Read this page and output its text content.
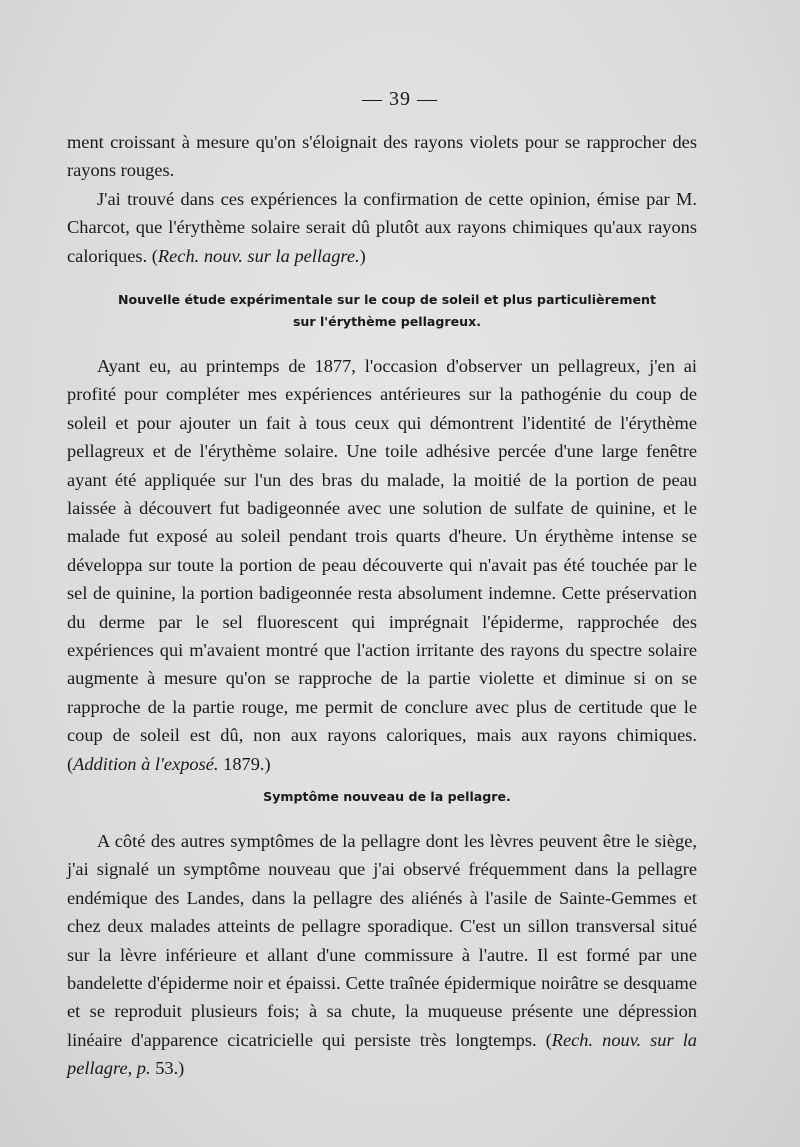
— 39 —

ment croissant à mesure qu'on s'éloignait des rayons violets pour se rapprocher des rayons rouges.

J'ai trouvé dans ces expériences la confirmation de cette opinion, émise par M. Charcot, que l'érythème solaire serait dû plutôt aux rayons chimiques qu'aux rayons caloriques. (Rech. nouv. sur la pellagre.)

Nouvelle étude expérimentale sur le coup de soleil et plus particulièrement
sur l'érythème pellagreux.

Ayant eu, au printemps de 1877, l'occasion d'observer un pellagreux, j'en ai profité pour compléter mes expériences antérieures sur la pathogénie du coup de soleil et pour ajouter un fait à tous ceux qui démontrent l'identité de l'érythème pellagreux et de l'érythème solaire. Une toile adhésive percée d'une large fenêtre ayant été appliquée sur l'un des bras du malade, la moitié de la portion de peau laissée à découvert fut badigeonnée avec une solution de sulfate de quinine, et le malade fut exposé au soleil pendant trois quarts d'heure. Un érythème intense se développa sur toute la portion de peau découverte qui n'avait pas été touchée par le sel de quinine, la portion badigeonnée resta absolument indemne. Cette préservation du derme par le sel fluorescent qui imprégnait l'épiderme, rapprochée des expériences qui m'avaient montré que l'action irritante des rayons du spectre solaire augmente à mesure qu'on se rapproche de la partie violette et diminue si on se rapproche de la partie rouge, me permit de conclure avec plus de certitude que le coup de soleil est dû, non aux rayons caloriques, mais aux rayons chimiques. (Addition à l'exposé. 1879.)

Symptôme nouveau de la pellagre.

A côté des autres symptômes de la pellagre dont les lèvres peuvent être le siège, j'ai signalé un symptôme nouveau que j'ai observé fréquemment dans la pellagre endémique des Landes, dans la pellagre des aliénés à l'asile de Sainte-Gemmes et chez deux malades atteints de pellagre sporadique. C'est un sillon transversal situé sur la lèvre inférieure et allant d'une commissure à l'autre. Il est formé par une bandelette d'épiderme noir et épaissi. Cette traînée épidermique noirâtre se desquame et se reproduit plusieurs fois; à sa chute, la muqueuse présente une dépression linéaire d'apparence cicatricielle qui persiste très longtemps. (Rech. nouv. sur la pellagre, p. 53.)
